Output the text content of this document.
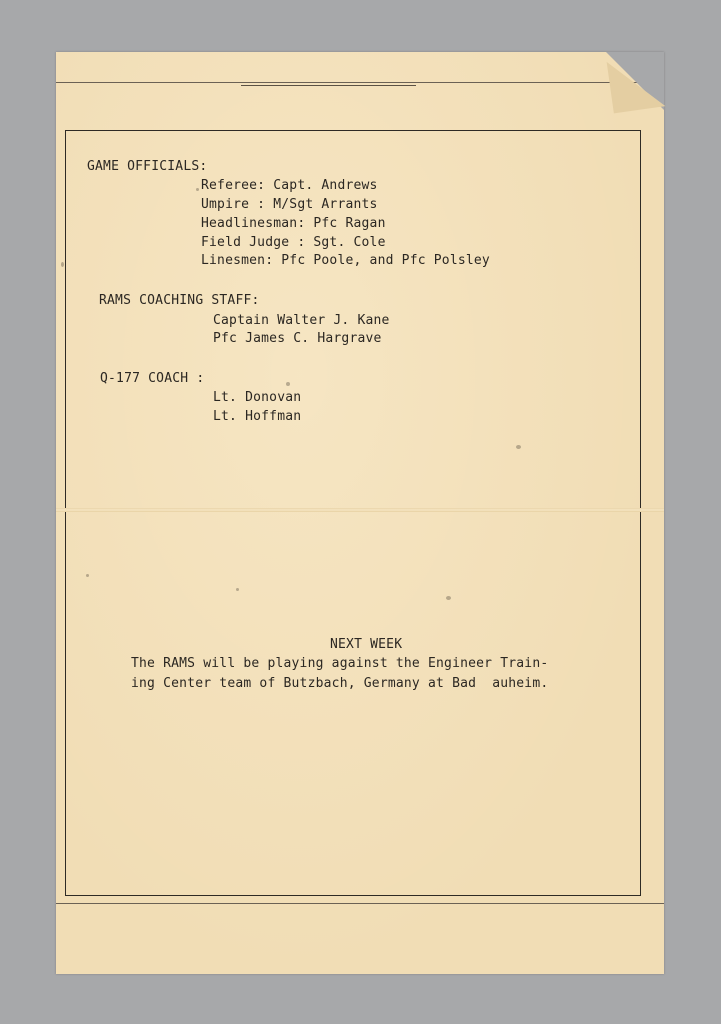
GAME OFFICIALS:
Referee: Capt. Andrews
Umpire : M/Sgt Arrants
Headlinesman: Pfc Ragan
Field Judge : Sgt. Cole
Linesmen: Pfc Poole, and Pfc Polsley
RAMS COACHING STAFF:
Captain Walter J. Kane
Pfc James C. Hargrave
Q-177 COACH :
Lt. Donovan
Lt. Hoffman
NEXT WEEK
The RAMS will be playing against the Engineer Train-
ing Center team of Butzbach, Germany at Bad  auheim.
